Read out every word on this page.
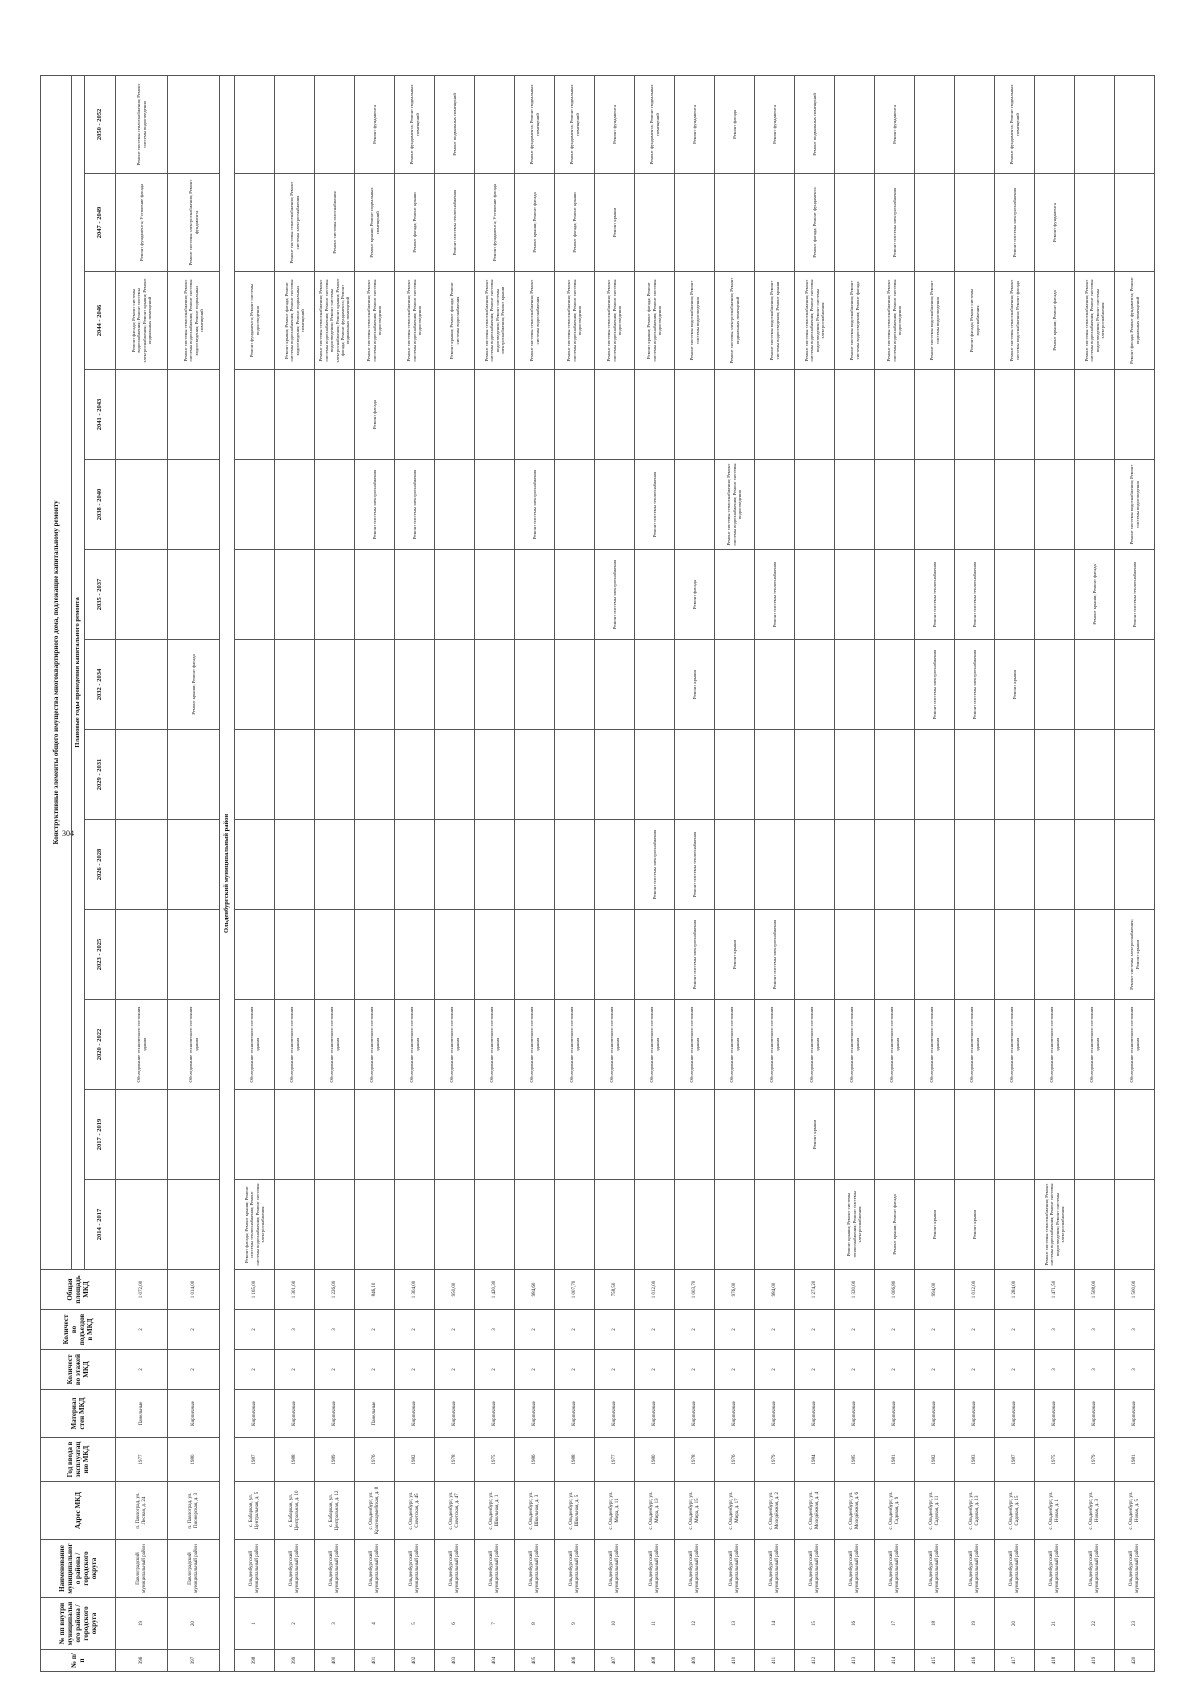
304
№ п/п	№ пп внутри муниципального района / городского округа	Наименование муниципального района / городского округа	Адрес МКД	Год ввода в эксплуатацию МКД	Материал стен МКД	Количество этажей МКД	Количество подъездов в МКД	Общая площадь МКД	Конструктивные элементы общего имущества многоквартирного дома, подлежащие капитальному ремонту												
									Плановые годы проведения капитального ремонта												
									2014 - 2017	2017 - 2019	2020 - 2022	2023 - 2025	2026 - 2028	2029 - 2031	2032 - 2034	2035 - 2037	2038 - 2040	2041 - 2043	2044 - 2046	2047 - 2049	2050 - 2052
396	19	Павлоградский муниципальный район	п. Павлоград, ул. Лесная, д. 24	1977	Панельные	2	2	1 072,00			Обследование технического состояния здания								Ремонт фасада; Ремонт системы водоснабжения; Ремонт системы электроснабжения; Ремонт крыши; Ремонт подвальных помещений	Ремонт фундамента; Утепление фасада	Ремонт системы теплоснабжения; Ремонт системы водоотведения
397	20	Павлоградский муниципальный район	п. Павлоград, ул. Пионерская, д. 3	1980	Кирпичные	2	2	1 014,00			Обследование технического состояния здания				Ремонт крыши; Ремонт фасада				Ремонт системы теплоснабжения; Ремонт системы водоснабжения; Ремонт системы водоотведения; Ремонт подвальных помещений	Ремонт системы электроснабжения; Ремонт фундамента	
Ольденбургский муниципальный район																					
398	1	Ольденбургский муниципальный район	с. Бабаркан, ул. Центральная, д. 5	1987	Кирпичные	2	2	1 165,00	Ремонт фасада; Ремонт крыши; Ремонт системы теплоснабжения; Ремонт системы водоснабжения; Ремонт системы электроснабжения		Обследование технического состояния здания								Ремонт фундамента; Ремонт системы водоотведения		
399	2	Ольденбургский муниципальный район	с. Бабаркан, ул. Центральная, д. 10	1988	Кирпичные	2	3	1 301,00			Обследование технического состояния здания								Ремонт крыши; Ремонт фасада; Ремонт системы водоснабжения; Ремонт системы водоотведения; Ремонт подвальных помещений	Ремонт системы теплоснабжения; Ремонт системы электроснабжения	
400	3	Ольденбургский муниципальный район	с. Бабаркан, ул. Центральная, д. 12	1989	Кирпичные	2	3	1 226,00			Обследование технического состояния здания								Ремонт системы теплоснабжения; Ремонт системы водоснабжения; Ремонт системы водоотведения; Ремонт системы электроснабжения; Ремонт крыши; Ремонт фасада; Ремонт фундамента; Ремонт подвальных помещений	Ремонт системы газоснабжения	
401	4	Ольденбургский муниципальный район	с. Ольденбург, ул. Красноармейская, д. 8	1976	Панельные	2	2	846,10			Обследование технического состояния здания						Ремонт системы электроснабжения	Ремонт фасада	Ремонт системы теплоснабжения; Ремонт системы водоснабжения; Ремонт системы водоотведения	Ремонт крыши; Ремонт подвальных помещений	Ремонт фундамента
402	5	Ольденбургский муниципальный район	с. Ольденбург, ул. Советская, д. 45	1982	Кирпичные	2	2	1 304,00			Обследование технического состояния здания						Ремонт системы электроснабжения		Ремонт системы теплоснабжения; Ремонт системы водоснабжения; Ремонт системы водоотведения	Ремонт фасада; Ремонт крыши	Ремонт фундамента; Ремонт подвальных помещений
403	6	Ольденбургский муниципальный район	с. Ольденбург, ул. Советская, д. 47	1978	Кирпичные	2	2	950,00			Обследование технического состояния здания								Ремонт крыши; Ремонт фасада; Ремонт системы водоснабжения	Ремонт системы теплоснабжения	Ремонт подвальных помещений
404	7	Ольденбургский муниципальный район	с. Ольденбург, ул. Школьная, д. 1	1975	Кирпичные	2	3	1 420,30			Обследование технического состояния здания								Ремонт системы теплоснабжения; Ремонт системы водоснабжения; Ремонт системы водоотведения; Ремонт системы электроснабжения; Ремонт крыши	Ремонт фундамента; Утепление фасада	
405	8	Ольденбургский муниципальный район	с. Ольденбург, ул. Школьная, д. 3	1986	Кирпичные	2	2	984,60			Обследование технического состояния здания						Ремонт системы электроснабжения		Ремонт системы теплоснабжения; Ремонт системы водоснабжения	Ремонт крыши; Ремонт фасада	Ремонт фундамента; Ремонт подвальных помещений
406	9	Ольденбургский муниципальный район	с. Ольденбург, ул. Школьная, д. 5	1988	Кирпичные	2	2	1 007,70			Обследование технического состояния здания								Ремонт системы теплоснабжения; Ремонт системы водоснабжения; Ремонт системы водоотведения	Ремонт фасада; Ремонт крыши	Ремонт фундамента; Ремонт подвальных помещений
407	10	Ольденбургский муниципальный район	с. Ольденбург, ул. Мира, д. 11	1977	Кирпичные	2	2	758,50			Обследование технического состояния здания					Ремонт системы электроснабжения			Ремонт системы теплоснабжения; Ремонт системы водоснабжения; Ремонт системы водоотведения	Ремонт крыши	Ремонт фундамента
408	11	Ольденбургский муниципальный район	с. Ольденбург, ул. Мира, д. 13	1980	Кирпичные	2	2	1 012,00			Обследование технического состояния здания		Ремонт системы электроснабжения				Ремонт системы теплоснабжения		Ремонт крыши; Ремонт фасада; Ремонт системы водоснабжения; Ремонт системы водоотведения		Ремонт фундамента; Ремонт подвальных помещений
409	12	Ольденбургский муниципальный район	с. Ольденбург, ул. Мира, д. 15	1978	Кирпичные	2	2	1 003,70			Обследование технического состояния здания	Ремонт системы электроснабжения	Ремонт системы теплоснабжения		Ремонт крыши	Ремонт фасада			Ремонт системы водоснабжения; Ремонт системы водоотведения		Ремонт фундамента
410	13	Ольденбургский муниципальный район	с. Ольденбург, ул. Мира, д. 17	1976	Кирпичные	2	2	976,00			Обследование технического состояния здания	Ремонт крыши					Ремонт системы теплоснабжения; Ремонт системы водоснабжения; Ремонт системы водоотведения		Ремонт системы электроснабжения; Ремонт подвальных помещений		Ремонт фасада
411	14	Ольденбургский муниципальный район	с. Ольденбург, ул. Молодёжная, д. 2	1979	Кирпичные	2	2	984,00			Обследование технического состояния здания	Ремонт системы электроснабжения				Ремонт системы теплоснабжения			Ремонт системы водоснабжения; Ремонт системы водоотведения; Ремонт крыши		Ремонт фундамента
412	15	Ольденбургский муниципальный район	с. Ольденбург, ул. Молодёжная, д. 4	1984	Кирпичные	2	2	1 274,20		Ремонт крыши	Обследование технического состояния здания								Ремонт системы теплоснабжения; Ремонт системы водоснабжения; Ремонт системы водоотведения; Ремонт системы электроснабжения	Ремонт фасада; Ремонт фундамента	Ремонт подвальных помещений
413	16	Ольденбургский муниципальный район	с. Ольденбург, ул. Молодёжная, д. 6	1985	Кирпичные	2	2	1 320,00	Ремонт крыши; Ремонт системы теплоснабжения; Ремонт системы электроснабжения		Обследование технического состояния здания								Ремонт системы водоснабжения; Ремонт системы водоотведения; Ремонт фасада		
414	17	Ольденбургский муниципальный район	с. Ольденбург, ул. Садовая, д. 9	1981	Кирпичные	2	2	1 006,80	Ремонт крыши; Ремонт фасада		Обследование технического состояния здания								Ремонт системы теплоснабжения; Ремонт системы водоснабжения; Ремонт системы водоотведения	Ремонт системы электроснабжения	Ремонт фундамента
415	18	Ольденбургский муниципальный район	с. Ольденбург, ул. Садовая, д. 11	1982	Кирпичные	2	2	994,00	Ремонт крыши		Обследование технического состояния здания				Ремонт системы электроснабжения	Ремонт системы теплоснабжения			Ремонт системы водоснабжения; Ремонт системы водоотведения		
416	19	Ольденбургский муниципальный район	с. Ольденбург, ул. Садовая, д. 13	1983	Кирпичные	2	2	1 012,00	Ремонт крыши		Обследование технического состояния здания				Ремонт системы электроснабжения	Ремонт системы теплоснабжения			Ремонт фасада; Ремонт системы водоснабжения		
417	20	Ольденбургский муниципальный район	с. Ольденбург, ул. Садовая, д. 15	1987	Кирпичные	2	2	1 284,00			Обследование технического состояния здания				Ремонт крыши				Ремонт системы теплоснабжения; Ремонт системы водоснабжения; Ремонт фасада	Ремонт системы электроснабжения	Ремонт фундамента; Ремонт подвальных помещений
418	21	Ольденбургский муниципальный район	с. Ольденбург, ул. Новая, д. 1	1975	Кирпичные	3	3	1 471,50	Ремонт системы теплоснабжения; Ремонт системы водоснабжения; Ремонт системы водоотведения; Ремонт системы электроснабжения		Обследование технического состояния здания								Ремонт крыши; Ремонт фасада	Ремонт фундамента	
419	22	Ольденбургский муниципальный район	с. Ольденбург, ул. Новая, д. 3	1979	Кирпичные	3	3	1 508,00			Обследование технического состояния здания					Ремонт крыши; Ремонт фасада			Ремонт системы теплоснабжения; Ремонт системы водоснабжения; Ремонт системы водоотведения; Ремонт системы электроснабжения		
420	23	Ольденбургский муниципальный район	с. Ольденбург, ул. Новая, д. 5	1981	Кирпичные	3	3	1 500,00			Обследование технического состояния здания	Ремонт системы электроснабжения; Ремонт крыши				Ремонт системы теплоснабжения	Ремонт системы водоснабжения; Ремонт системы водоотведения		Ремонт фасада; Ремонт фундамента; Ремонт подвальных помещений		
